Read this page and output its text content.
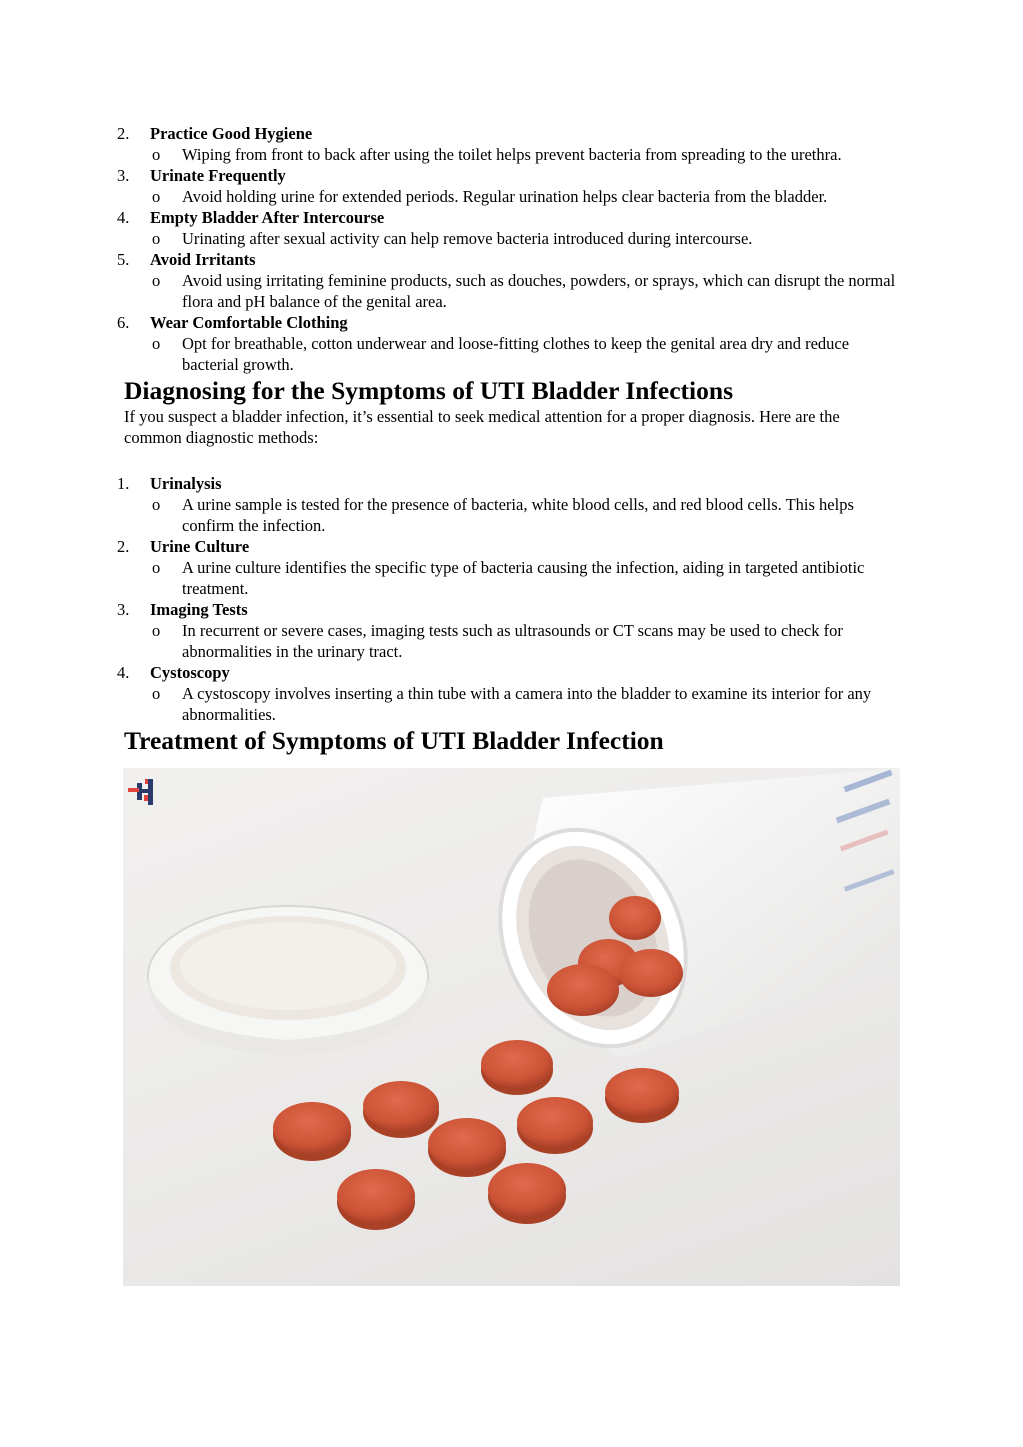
2.	Practice Good Hygiene
o Wiping from front to back after using the toilet helps prevent bacteria from spreading to the urethra.
3.	Urinate Frequently
o Avoid holding urine for extended periods. Regular urination helps clear bacteria from the bladder.
4.	Empty Bladder After Intercourse
o Urinating after sexual activity can help remove bacteria introduced during intercourse.
5.	Avoid Irritants
o Avoid using irritating feminine products, such as douches, powders, or sprays, which can disrupt the normal flora and pH balance of the genital area.
6.	Wear Comfortable Clothing
o Opt for breathable, cotton underwear and loose-fitting clothes to keep the genital area dry and reduce bacterial growth.
Diagnosing for the Symptoms of UTI Bladder Infections

If you suspect a bladder infection, it’s essential to seek medical attention for a proper diagnosis. Here are the common diagnostic methods:

1.	Urinalysis
o A urine sample is tested for the presence of bacteria, white blood cells, and red blood cells. This helps confirm the infection.
2.	Urine Culture
o A urine culture identifies the specific type of bacteria causing the infection, aiding in targeted antibiotic treatment.
3.	Imaging Tests
o In recurrent or severe cases, imaging tests such as ultrasounds or CT scans may be used to check for abnormalities in the urinary tract.
4.	Cystoscopy
o A cystoscopy involves inserting a thin tube with a camera into the bladder to examine its interior for any abnormalities.
Treatment of Symptoms of UTI Bladder Infection
